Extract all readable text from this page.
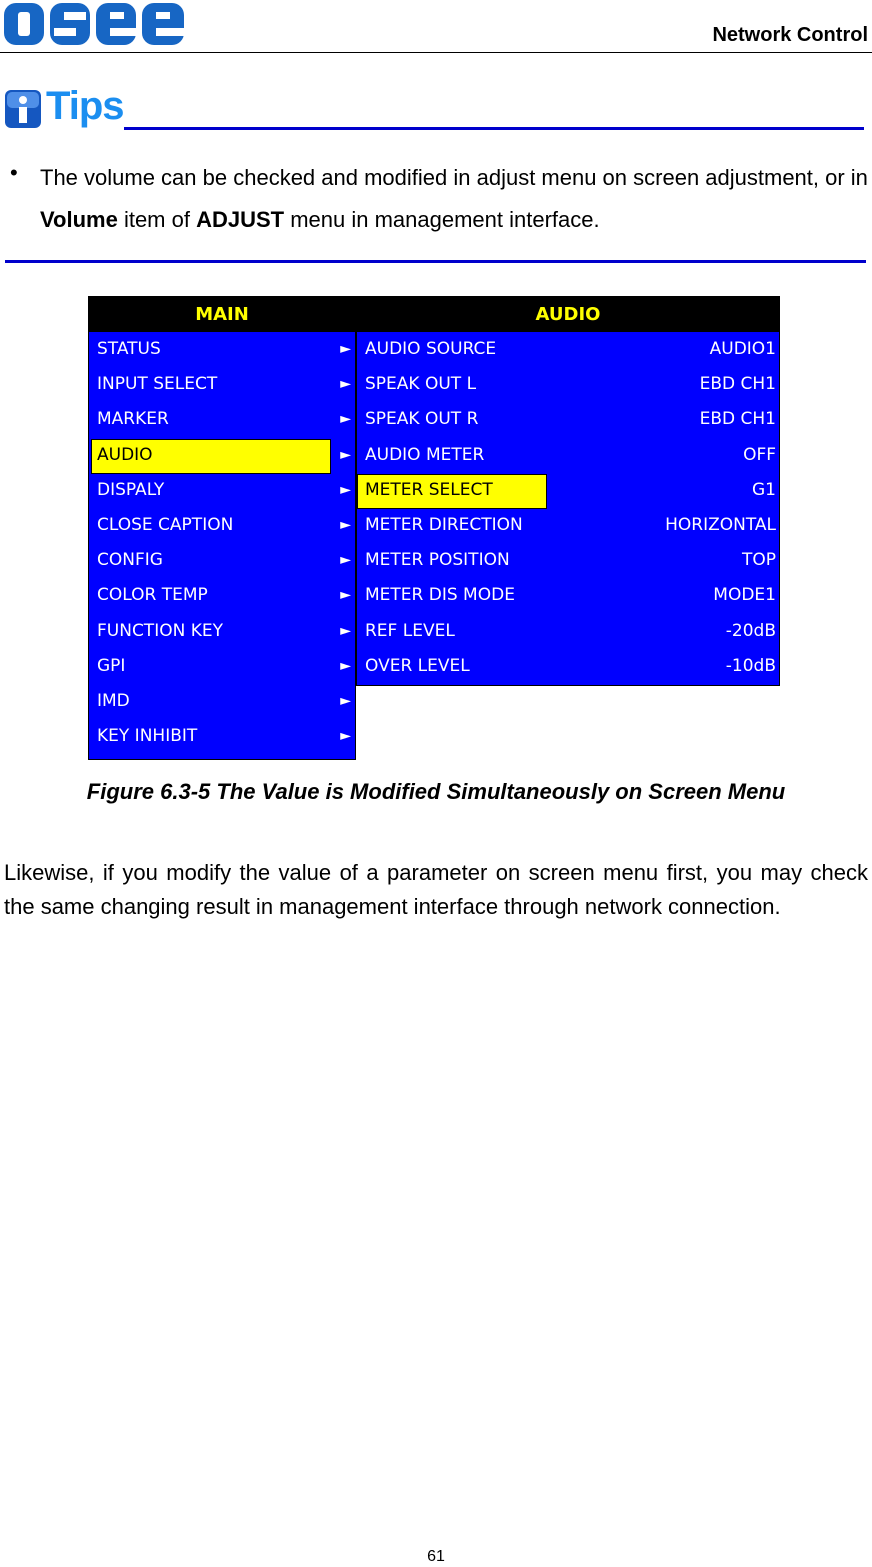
Network Control
Tips
• The volume can be checked and modified in adjust menu on screen adjustment, or in Volume item of ADJUST menu in management interface.
MAIN
STATUS	►
INPUT SELECT	►
MARKER	►
AUDIO	►
DISPALY	►
CLOSE CAPTION	►
CONFIG	►
COLOR TEMP	►
FUNCTION KEY	►
GPI	►
IMD	►
KEY INHIBIT	►
AUDIO
AUDIO SOURCE	AUDIO1
SPEAK OUT L	EBD CH1
SPEAK OUT R	EBD CH1
AUDIO METER	OFF
METER SELECT	G1
METER DIRECTION	HORIZONTAL
METER POSITION	TOP
METER DIS MODE	MODE1
REF LEVEL	-20dB
OVER LEVEL	-10dB
Figure 6.3-5 The Value is Modified Simultaneously on Screen Menu
Likewise, if you modify the value of a parameter on screen menu first, you may check the same changing result in management interface through network connection.
61
